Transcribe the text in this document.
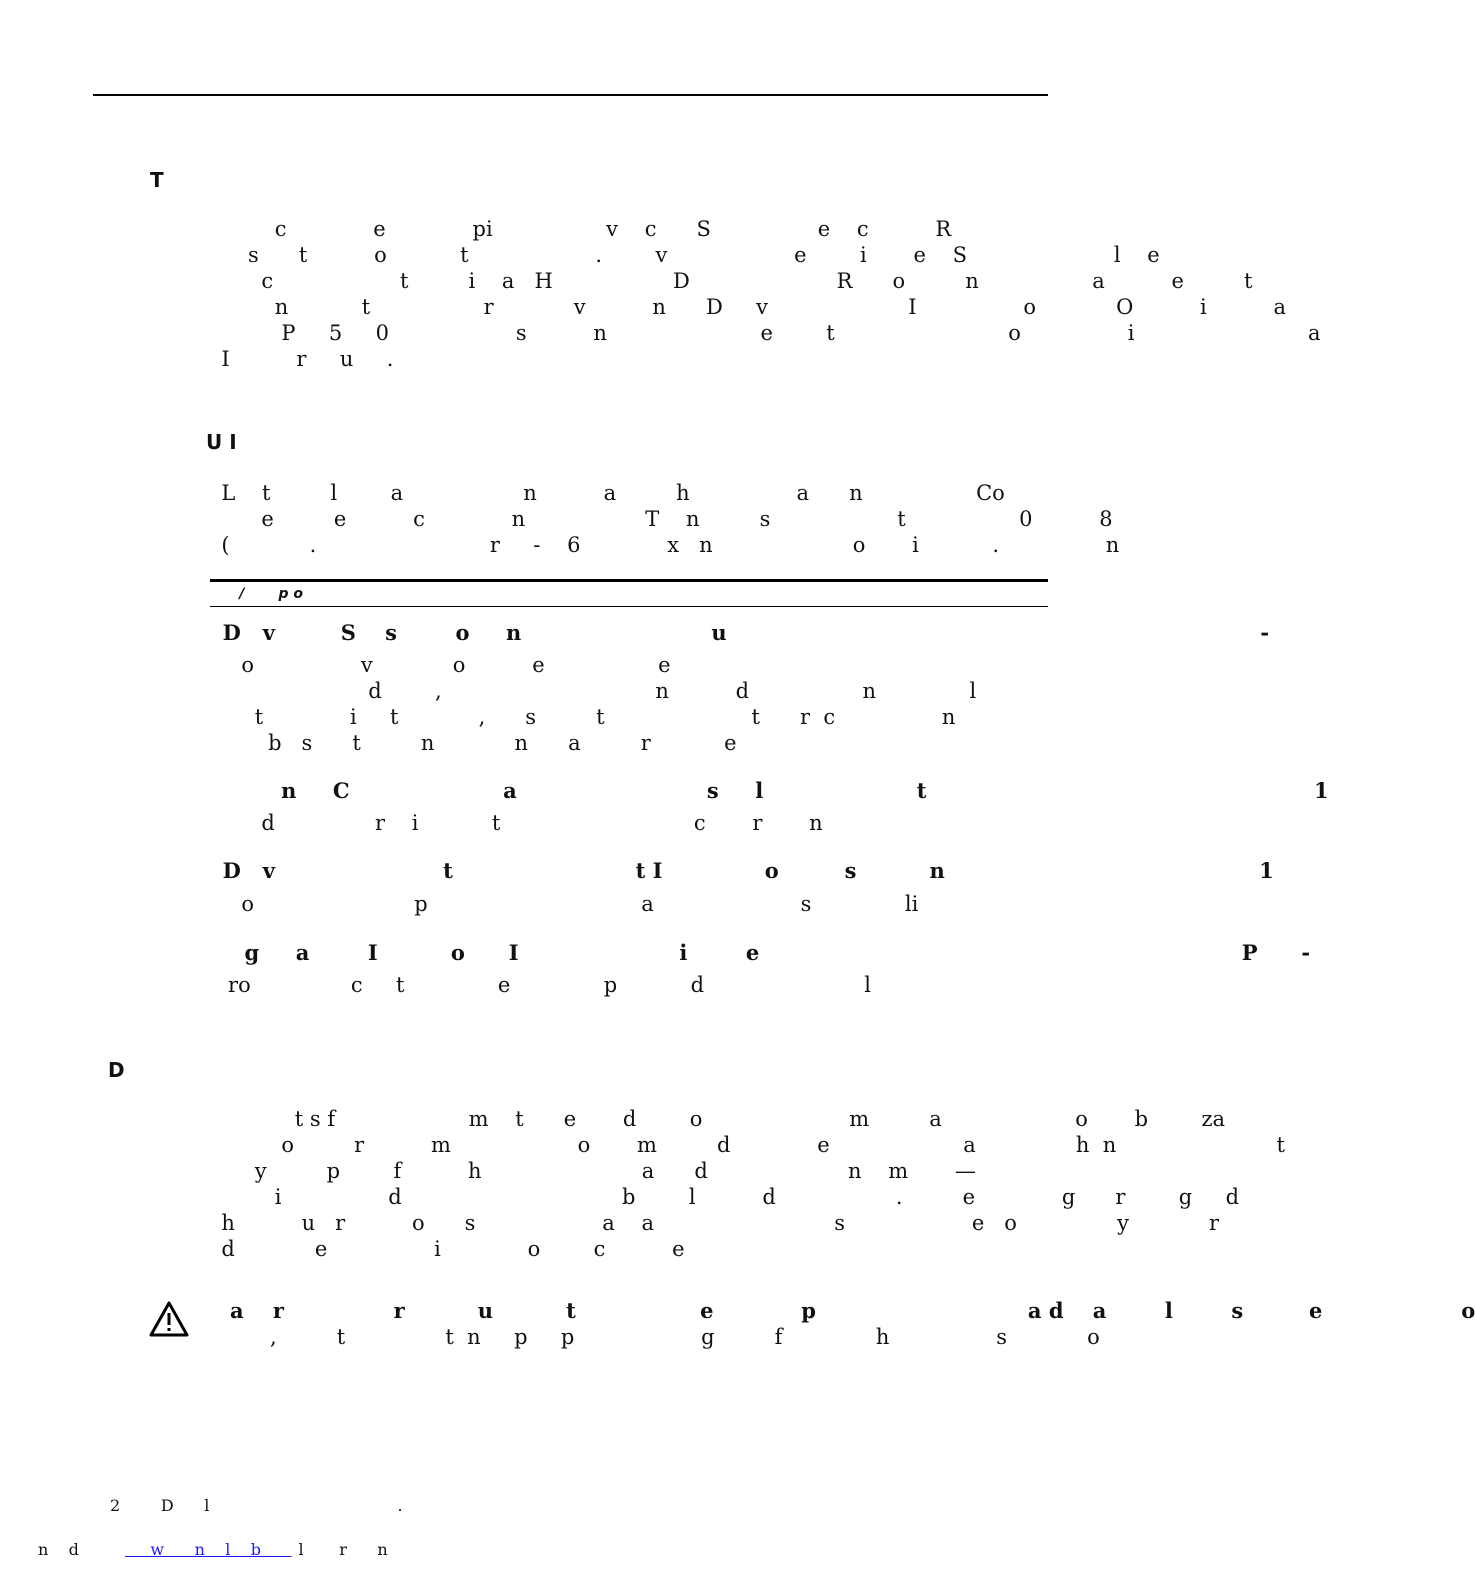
T
c             e             pi                 v    c      S                e    c          R
s      t          o           t                   .        v                   e        i       e    S                      l    e
c                   t         i    a   H                  D                      R      o         n                 a          e         t
n           t                 r            v          n      D     v                     I                o            O          i          a
P     5     0                   s          n                       e        t                          o                i                          a
I          r     u     .
U I
L    t         l        a                  n          a         h                a      n                 Co
e         e          c             n                  T    n         s                   t                 0          8
(            .                          r     -    6             x   n                     o       i           .                n
/       p o
D   v         S    s        o     n                          u                                                                         -
o                v            o          e                 e
d        ,                                n          d                 n              l
t             i     t            ,      s         t                      t      r  c                n
b   s      t         n            n      a         r           e
n     C                     a                          s     l                     t                                                     1
d               r    i           t                             c       r       n
D   v                       t                         t I              o         s          n                                           1
o                        p                                a                      s              li
g     a        I          o      I                      i        e                                                                  P      -
ro               c     t              e              p           d                        l
D
t s f                    m    t      e       d        o                      m         a                    o       b        za
o         r          m                   o       m         d             e                    a               h  n                        t
y         p        f          h                        a      d                     n    m       —
i                d                                 b        l          d                  .         e             g      r        g     d
h          u   r          o      s                   a    a                           s                   e   o               y            r
d            e                i             o        c          e
a    r               r          u          t                 e            p                             a d    a        l        s         e                   o
,         t               t  n     p     p                   g         f              h                s            o
2        D      l                                     .
n    d	w      n    l    b
l       r      n
